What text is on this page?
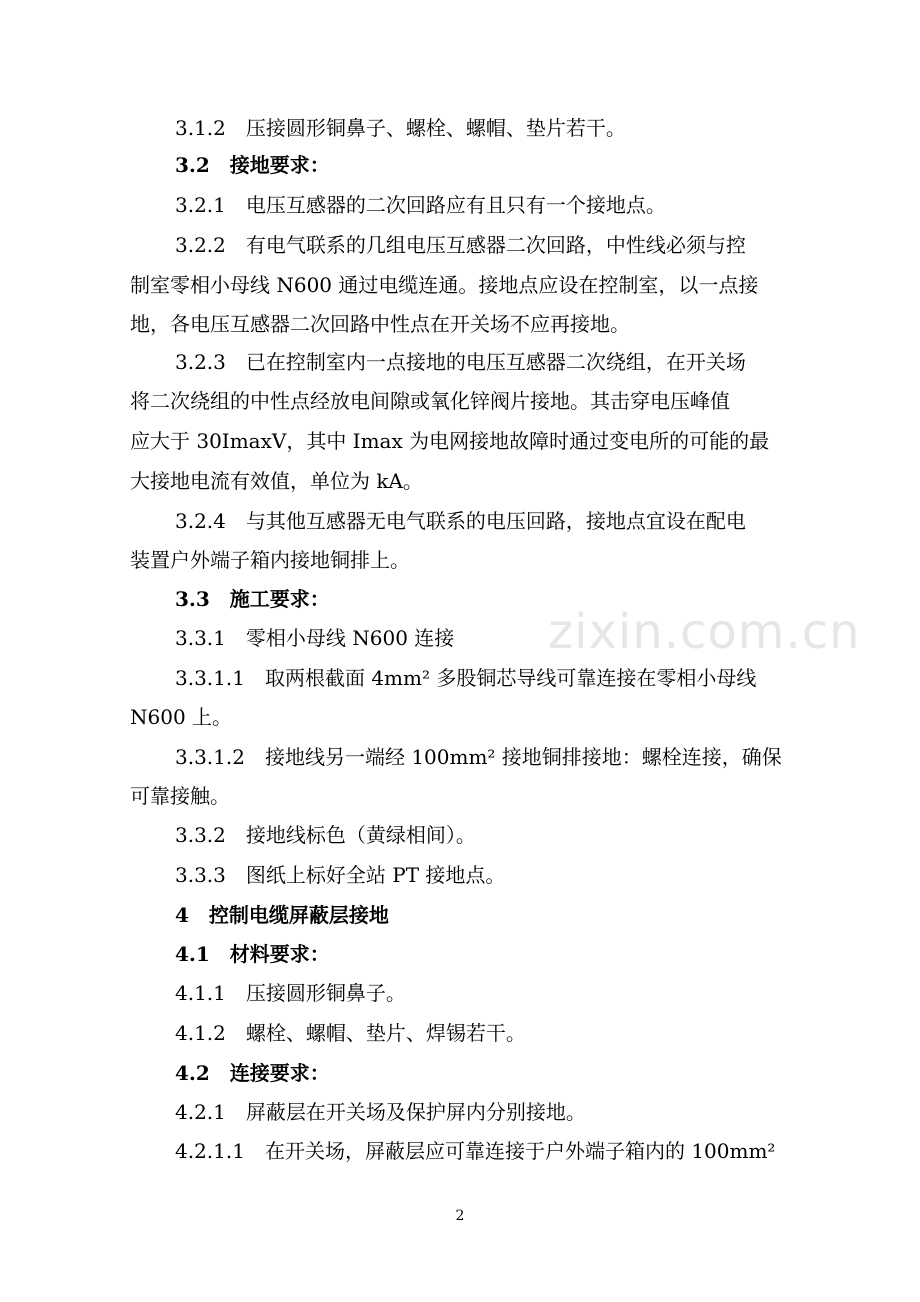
3.1.2　压接圆形铜鼻子、螺栓、螺帽、垫片若干。
3.2　接地要求：
3.2.1　电压互感器的二次回路应有且只有一个接地点。
3.2.2　有电气联系的几组电压互感器二次回路，中性线必须与控
制室零相小母线 N600 通过电缆连通。接地点应设在控制室，以一点接
地，各电压互感器二次回路中性点在开关场不应再接地。
3.2.3　已在控制室内一点接地的电压互感器二次绕组，在开关场
将二次绕组的中性点经放电间隙或氧化锌阀片接地。其击穿电压峰值
应大于 30ImaxV，其中 Imax 为电网接地故障时通过变电所的可能的最
大接地电流有效值，单位为 kA。
3.2.4　与其他互感器无电气联系的电压回路，接地点宜设在配电
装置户外端子箱内接地铜排上。
3.3　施工要求：
3.3.1　零相小母线 N600 连接
3.3.1.1　取两根截面 4mm² 多股铜芯导线可靠连接在零相小母线
N600 上。
3.3.1.2　接地线另一端经 100mm² 接地铜排接地：螺栓连接，确保
可靠接触。
3.3.2　接地线标色（黄绿相间）。
3.3.3　图纸上标好全站 PT 接地点。
4　控制电缆屏蔽层接地
4.1　材料要求：
4.1.1　压接圆形铜鼻子。
4.1.2　螺栓、螺帽、垫片、焊锡若干。
4.2　连接要求：
4.2.1　屏蔽层在开关场及保护屏内分别接地。
4.2.1.1　在开关场，屏蔽层应可靠连接于户外端子箱内的 100mm²
zixin.com.cn
2
